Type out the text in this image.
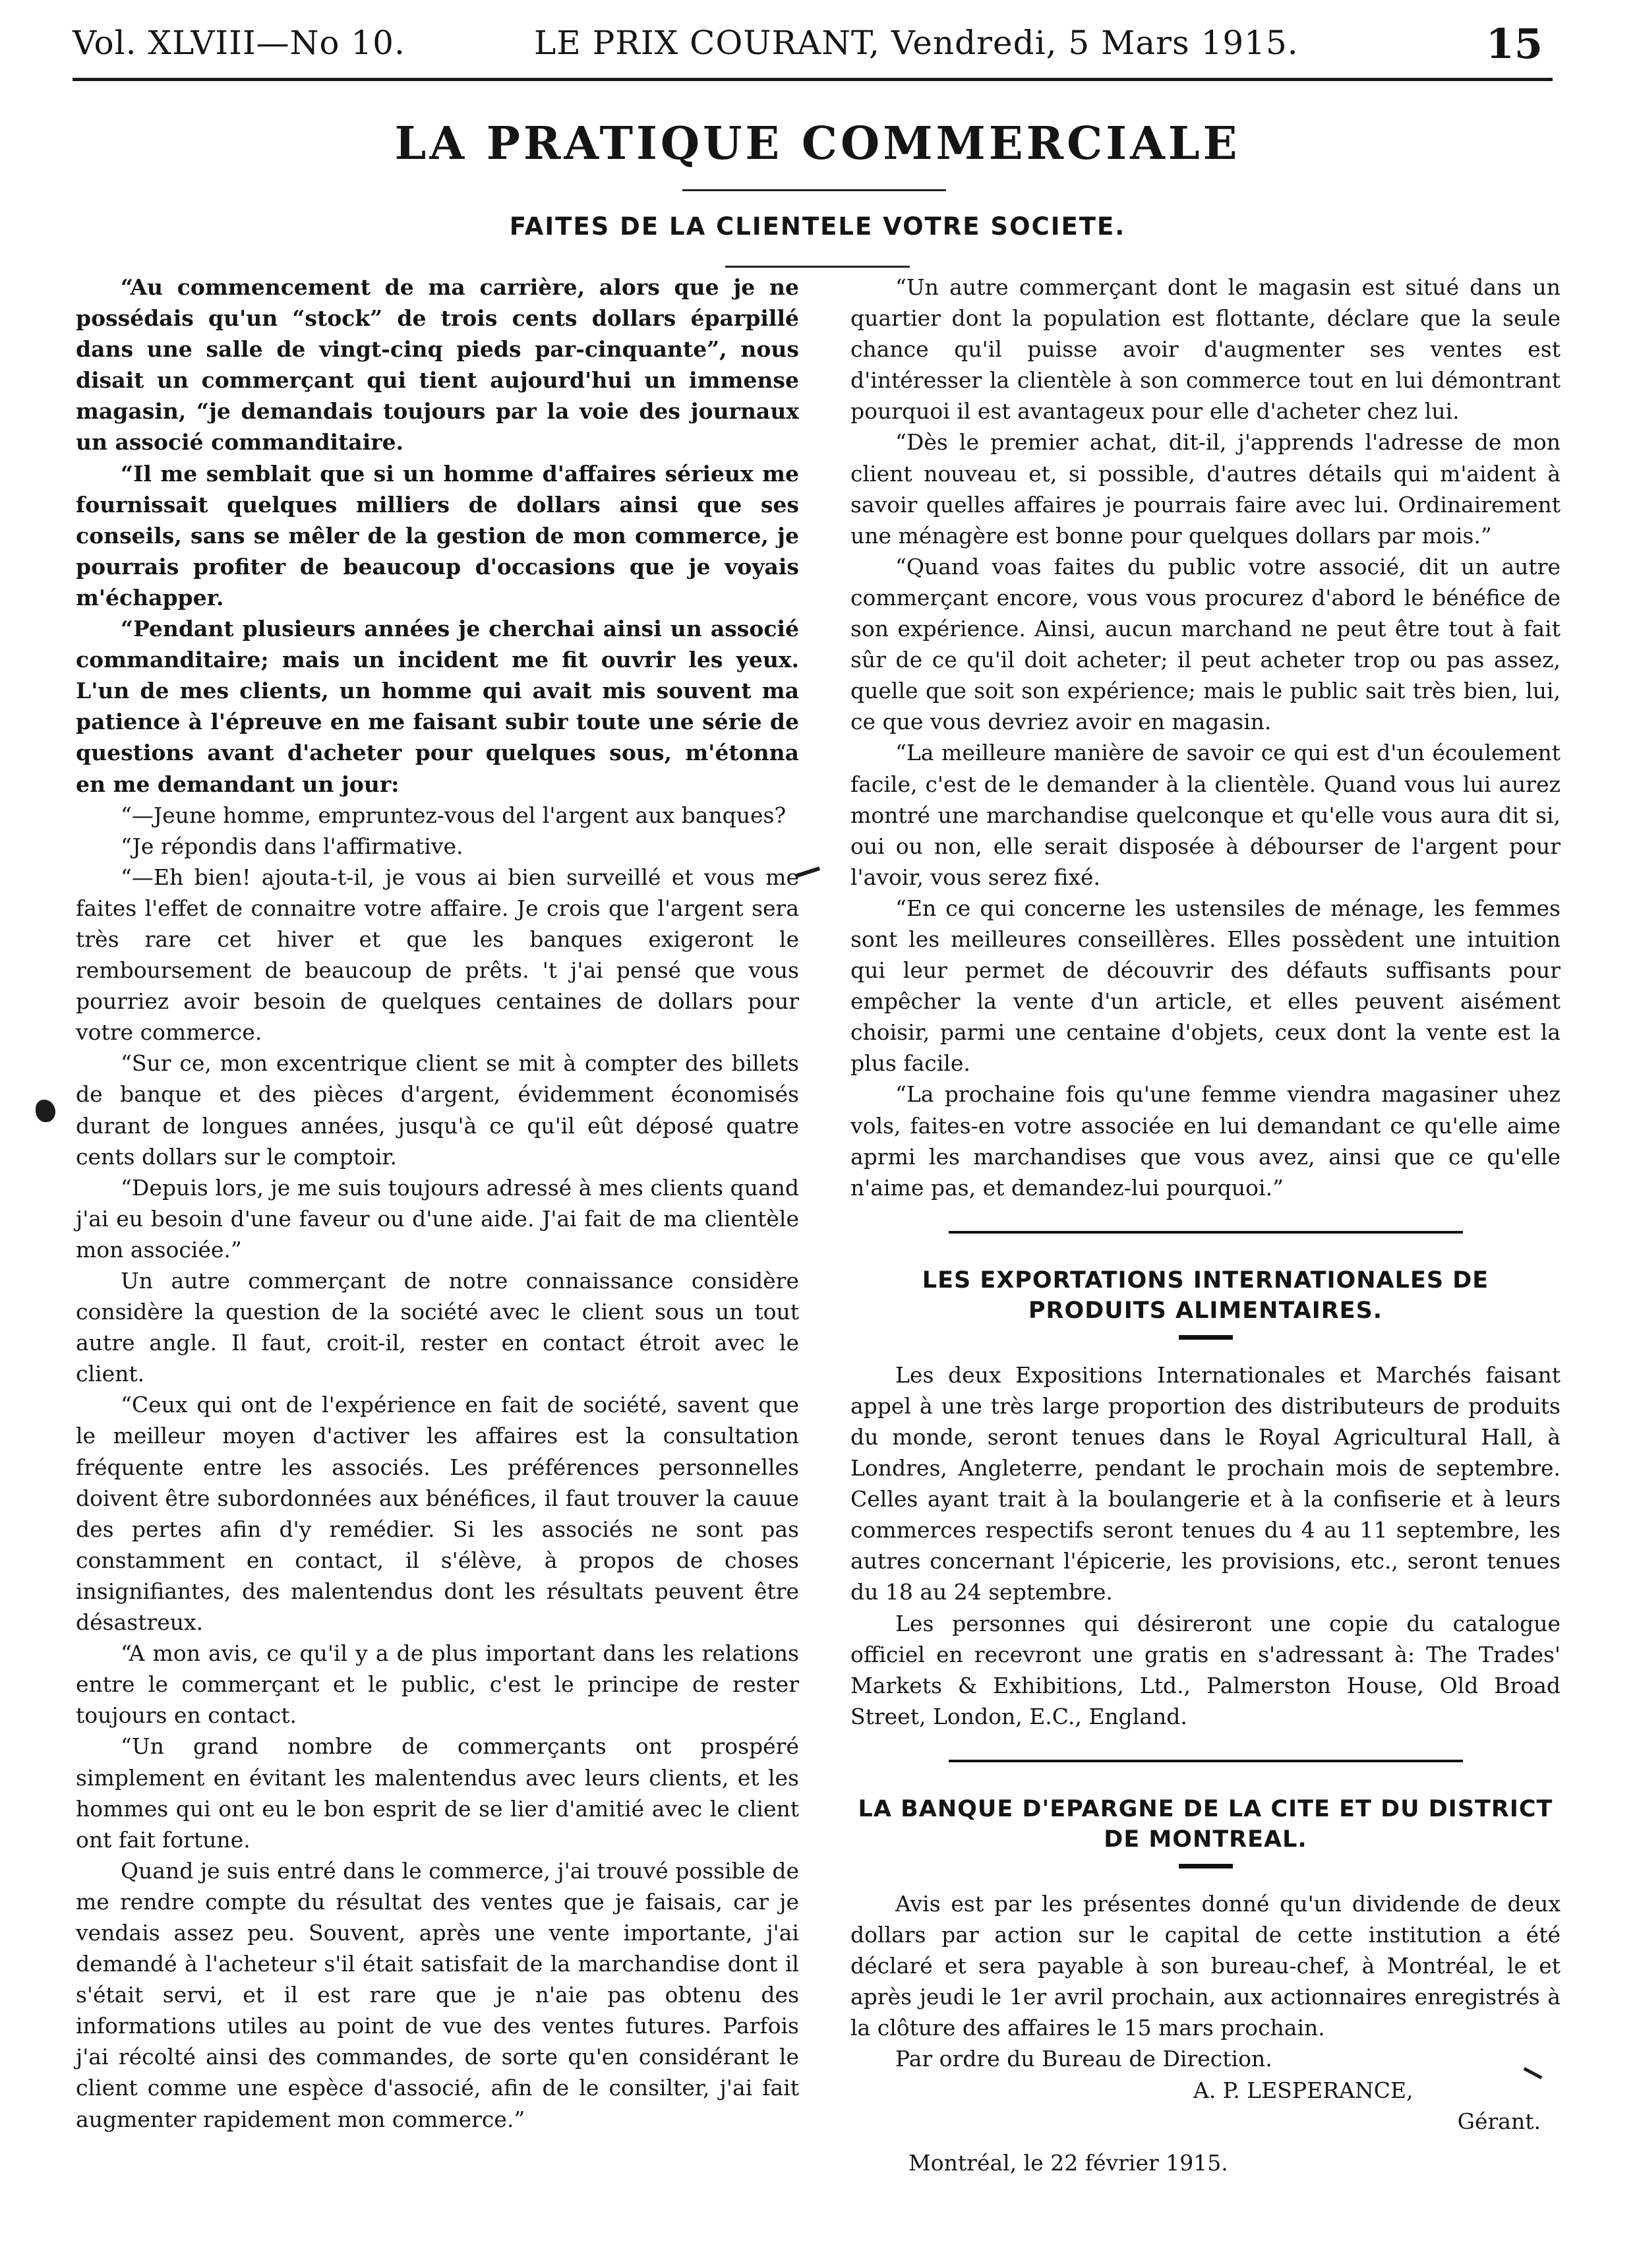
Vol. XLVIII—No 10.	LE PRIX COURANT, Vendredi, 5 Mars 1915.	15
LA PRATIQUE COMMERCIALE
FAITES DE LA CLIENTELE VOTRE SOCIETE.

“Au commencement de ma carrière, alors que je ne possédais qu'un “stock” de trois cents dollars éparpillé dans une salle de vingt-cinq pieds par-cinquante”, nous disait un commerçant qui tient aujourd'hui un immense magasin, “je demandais toujours par la voie des journaux un associé commanditaire.

“Il me semblait que si un homme d'affaires sérieux me fournissait quelques milliers de dollars ainsi que ses conseils, sans se mêler de la gestion de mon commerce, je pourrais profiter de beaucoup d'occasions que je voyais m'échapper.

“Pendant plusieurs années je cherchai ainsi un associé commanditaire; mais un incident me fit ouvrir les yeux. L'un de mes clients, un homme qui avait mis souvent ma patience à l'épreuve en me faisant subir toute une série de questions avant d'acheter pour quelques sous, m'étonna en me demandant un jour:

“—Jeune homme, empruntez-vous del l'argent aux banques?

“Je répondis dans l'affirmative.

“—Eh bien! ajouta-t-il, je vous ai bien surveillé et vous me faites l'effet de connaitre votre affaire. Je crois que l'argent sera très rare cet hiver et que les banques exigeront le remboursement de beaucoup de prêts. 't j'ai pensé que vous pourriez avoir besoin de quelques centaines de dollars pour votre commerce.

“Sur ce, mon excentrique client se mit à compter des billets de banque et des pièces d'argent, évidemment économisés durant de longues années, jusqu'à ce qu'il eût déposé quatre cents dollars sur le comptoir.

“Depuis lors, je me suis toujours adressé à mes clients quand j'ai eu besoin d'une faveur ou d'une aide. J'ai fait de ma clientèle mon associée.”

Un autre commerçant de notre connaissance considère considère la question de la société avec le client sous un tout autre angle. Il faut, croit-il, rester en contact étroit avec le client.

“Ceux qui ont de l'expérience en fait de société, savent que le meilleur moyen d'activer les affaires est la consultation fréquente entre les associés. Les préférences personnelles doivent être subordonnées aux bénéfices, il faut trouver la cauue des pertes afin d'y remédier. Si les associés ne sont pas constamment en contact, il s'élève, à propos de choses insignifiantes, des malentendus dont les résultats peuvent être désastreux.

“A mon avis, ce qu'il y a de plus important dans les relations entre le commerçant et le public, c'est le principe de rester toujours en contact.

“Un grand nombre de commerçants ont prospéré simplement en évitant les malentendus avec leurs clients, et les hommes qui ont eu le bon esprit de se lier d'amitié avec le client ont fait fortune.

Quand je suis entré dans le commerce, j'ai trouvé possible de me rendre compte du résultat des ventes que je faisais, car je vendais assez peu. Souvent, après une vente importante, j'ai demandé à l'acheteur s'il était satisfait de la marchandise dont il s'était servi, et il est rare que je n'aie pas obtenu des informations utiles au point de vue des ventes futures. Parfois j'ai récolté ainsi des commandes, de sorte qu'en considérant le client comme une espèce d'associé, afin de le consilter, j'ai fait augmenter rapidement mon commerce.”

“Un autre commerçant dont le magasin est situé dans un quartier dont la population est flottante, déclare que la seule chance qu'il puisse avoir d'augmenter ses ventes est d'intéresser la clientèle à son commerce tout en lui démontrant pourquoi il est avantageux pour elle d'acheter chez lui.

“Dès le premier achat, dit-il, j'apprends l'adresse de mon client nouveau et, si possible, d'autres détails qui m'aident à savoir quelles affaires je pourrais faire avec lui. Ordinairement une ménagère est bonne pour quelques dollars par mois.”

“Quand voas faites du public votre associé, dit un autre commerçant encore, vous vous procurez d'abord le bénéfice de son expérience. Ainsi, aucun marchand ne peut être tout à fait sûr de ce qu'il doit acheter; il peut acheter trop ou pas assez, quelle que soit son expérience; mais le public sait très bien, lui, ce que vous devriez avoir en magasin.

“La meilleure manière de savoir ce qui est d'un écoulement facile, c'est de le demander à la clientèle. Quand vous lui aurez montré une marchandise quelconque et qu'elle vous aura dit si, oui ou non, elle serait disposée à débourser de l'argent pour l'avoir, vous serez fixé.

“En ce qui concerne les ustensiles de ménage, les femmes sont les meilleures conseillères. Elles possèdent une intuition qui leur permet de découvrir des défauts suffisants pour empêcher la vente d'un article, et elles peuvent aisément choisir, parmi une centaine d'objets, ceux dont la vente est la plus facile.

“La prochaine fois qu'une femme viendra magasiner uhez vols, faites-en votre associée en lui demandant ce qu'elle aime aprmi les marchandises que vous avez, ainsi que ce qu'elle n'aime pas, et demandez-lui pourquoi.”

LES EXPORTATIONS INTERNATIONALES DE PRODUITS ALIMENTAIRES.

Les deux Expositions Internationales et Marchés faisant appel à une très large proportion des distributeurs de produits du monde, seront tenues dans le Royal Agricultural Hall, à Londres, Angleterre, pendant le prochain mois de septembre. Celles ayant trait à la boulangerie et à la confiserie et à leurs commerces respectifs seront tenues du 4 au 11 septembre, les autres concernant l'épicerie, les provisions, etc., seront tenues du 18 au 24 septembre.

Les personnes qui désireront une copie du catalogue officiel en recevront une gratis en s'adressant à: The Trades' Markets & Exhibitions, Ltd., Palmerston House, Old Broad Street, London, E.C., England.

LA BANQUE D'EPARGNE DE LA CITE ET DU DISTRICT DE MONTREAL.

Avis est par les présentes donné qu'un dividende de deux dollars par action sur le capital de cette institution a été déclaré et sera payable à son bureau-chef, à Montréal, le et après jeudi le 1er avril prochain, aux actionnaires enregistrés à la clôture des affaires le 15 mars prochain.

Par ordre du Bureau de Direction.

A. P. LESPERANCE,

Gérant.

Montréal, le 22 février 1915.
